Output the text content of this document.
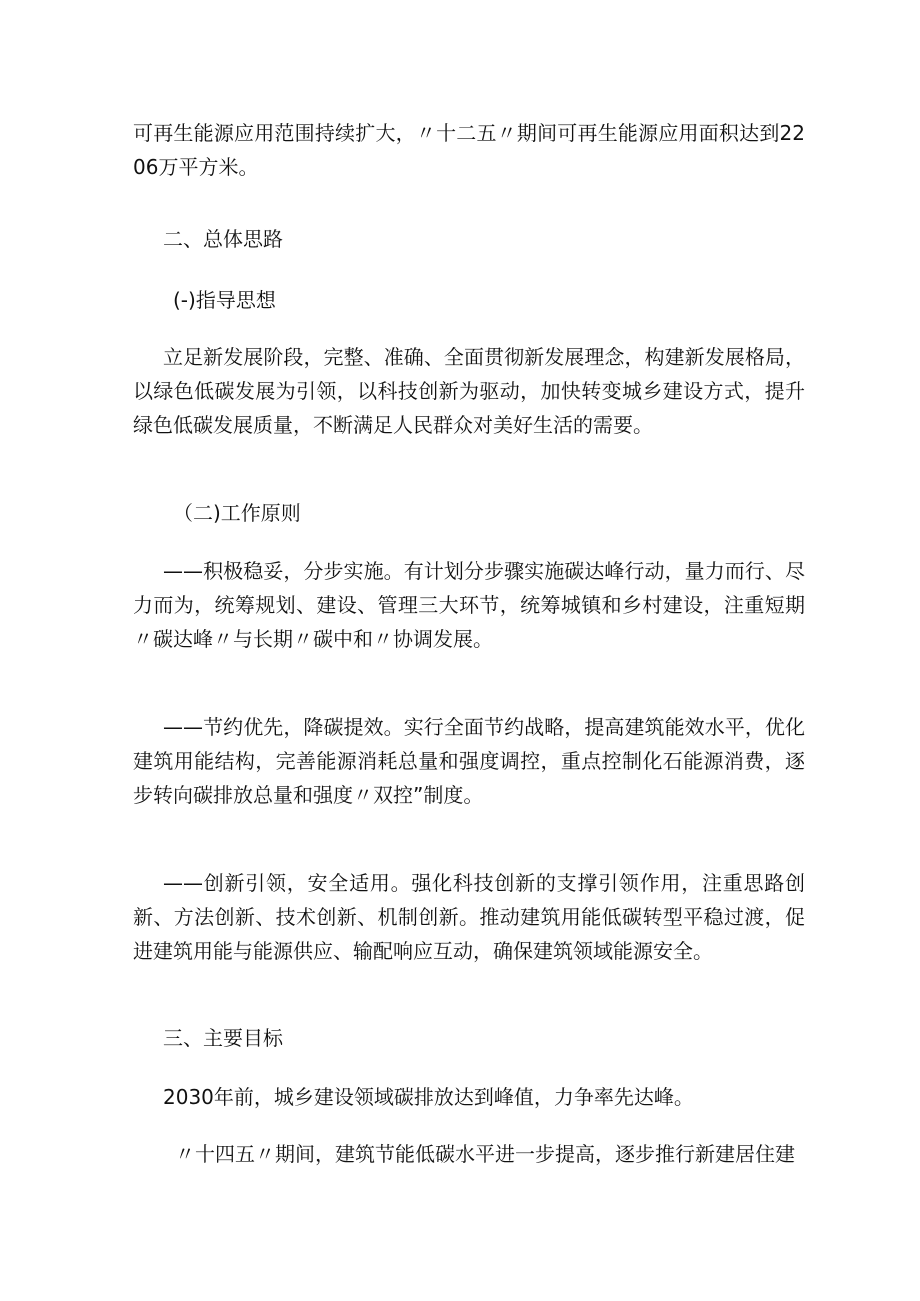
可再生能源应用范围持续扩大，〃十二五〃期间可再生能源应用面积达到2206万平方米。
二、总体思路
(-)指导思想
立足新发展阶段，完整、准确、全面贯彻新发展理念，构建新发展格局，以绿色低碳发展为引领，以科技创新为驱动，加快转变城乡建设方式，提升绿色低碳发展质量，不断满足人民群众对美好生活的需要。
（二)工作原则
——积极稳妥，分步实施。有计划分步骤实施碳达峰行动，量力而行、尽力而为，统筹规划、建设、管理三大环节，统筹城镇和乡村建设，注重短期〃碳达峰〃与长期〃碳中和〃协调发展。
——节约优先，降碳提效。实行全面节约战略，提高建筑能效水平，优化建筑用能结构，完善能源消耗总量和强度调控，重点控制化石能源消费，逐步转向碳排放总量和强度〃双控”制度。
——创新引领，安全适用。强化科技创新的支撑引领作用，注重思路创新、方法创新、技术创新、机制创新。推动建筑用能低碳转型平稳过渡，促进建筑用能与能源供应、输配响应互动，确保建筑领域能源安全。
三、主要目标
2030年前，城乡建设领域碳排放达到峰值，力争率先达峰。
〃十四五〃期间，建筑节能低碳水平进一步提高，逐步推行新建居住建
